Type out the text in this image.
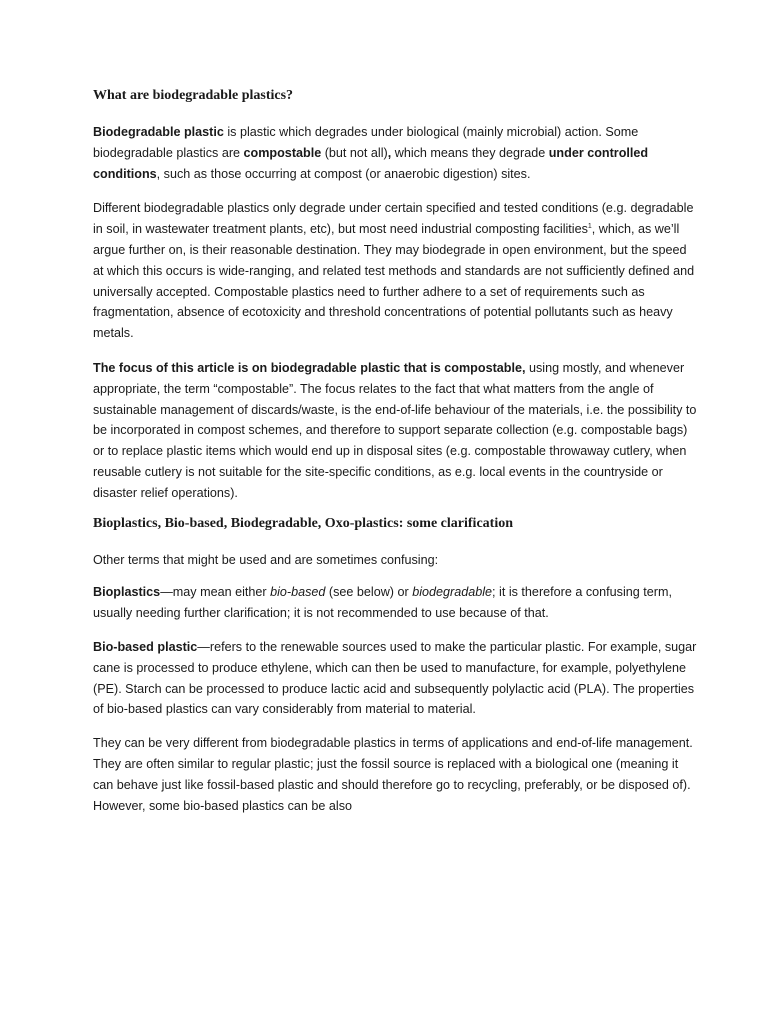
What are biodegradable plastics?

Biodegradable plastic is plastic which degrades under biological (mainly microbial) action. Some biodegradable plastics are compostable (but not all), which means they degrade under controlled conditions, such as those occurring at compost (or anaerobic digestion) sites.

Different biodegradable plastics only degrade under certain specified and tested conditions (e.g. degradable in soil, in wastewater treatment plants, etc), but most need industrial composting facilities$^1$, which, as we’ll argue further on, is their reasonable destination. They may biodegrade in open environment, but the speed at which this occurs is wide-ranging, and related test methods and standards are not sufficiently defined and universally accepted. Compostable plastics need to further adhere to a set of requirements such as fragmentation, absence of ecotoxicity and threshold concentrations of potential pollutants such as heavy metals.

The focus of this article is on biodegradable plastic that is compostable, using mostly, and whenever appropriate, the term “compostable”. The focus relates to the fact that what matters from the angle of sustainable management of discards/waste, is the end-of-life behaviour of the materials, i.e. the possibility to be incorporated in compost schemes, and therefore to support separate collection (e.g. compostable bags) or to replace plastic items which would end up in disposal sites (e.g. compostable throwaway cutlery, when reusable cutlery is not suitable for the site-specific conditions, as e.g. local events in the countryside or disaster relief operations).

Bioplastics, Bio-based, Biodegradable, Oxo-plastics: some clarification

Other terms that might be used and are sometimes confusing:

Bioplastics—may mean either bio-based (see below) or biodegradable; it is therefore a confusing term, usually needing further clarification; it is not recommended to use because of that.

Bio-based plastic—refers to the renewable sources used to make the particular plastic. For example, sugar cane is processed to produce ethylene, which can then be used to manufacture, for example, polyethylene (PE). Starch can be processed to produce lactic acid and subsequently polylactic acid (PLA). The properties of bio-based plastics can vary considerably from material to material.

They can be very different from biodegradable plastics in terms of applications and end-of-life management. They are often similar to regular plastic; just the fossil source is replaced with a biological one (meaning it can behave just like fossil-based plastic and should therefore go to recycling, preferably, or be disposed of). However, some bio-based plastics can be also
